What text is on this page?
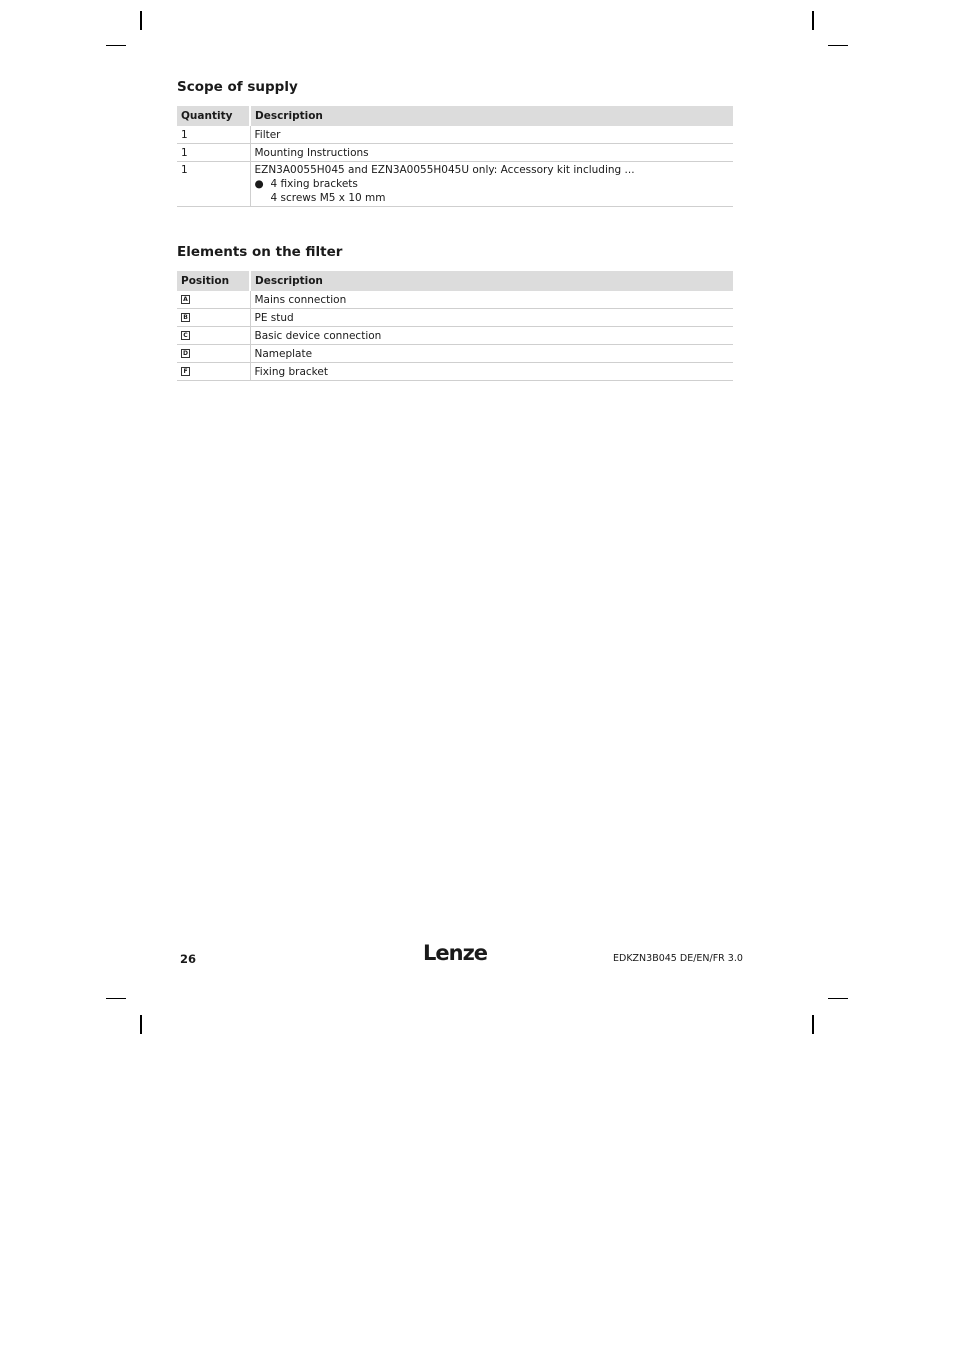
Scope of supply
Quantity	Description
1	Filter
1	Mounting Instructions
1	EZN3A0055H045 and EZN3A0055H045U only: Accessory kit including ...
● 4 fixing brackets
4 screws M5 x 10 mm
Elements on the filter
Position	Description
A	Mains connection
B	PE stud
C	Basic device connection
D	Nameplate
F	Fixing bracket
26	Lenze	EDKZN3B045 DE/EN/FR 3.0
